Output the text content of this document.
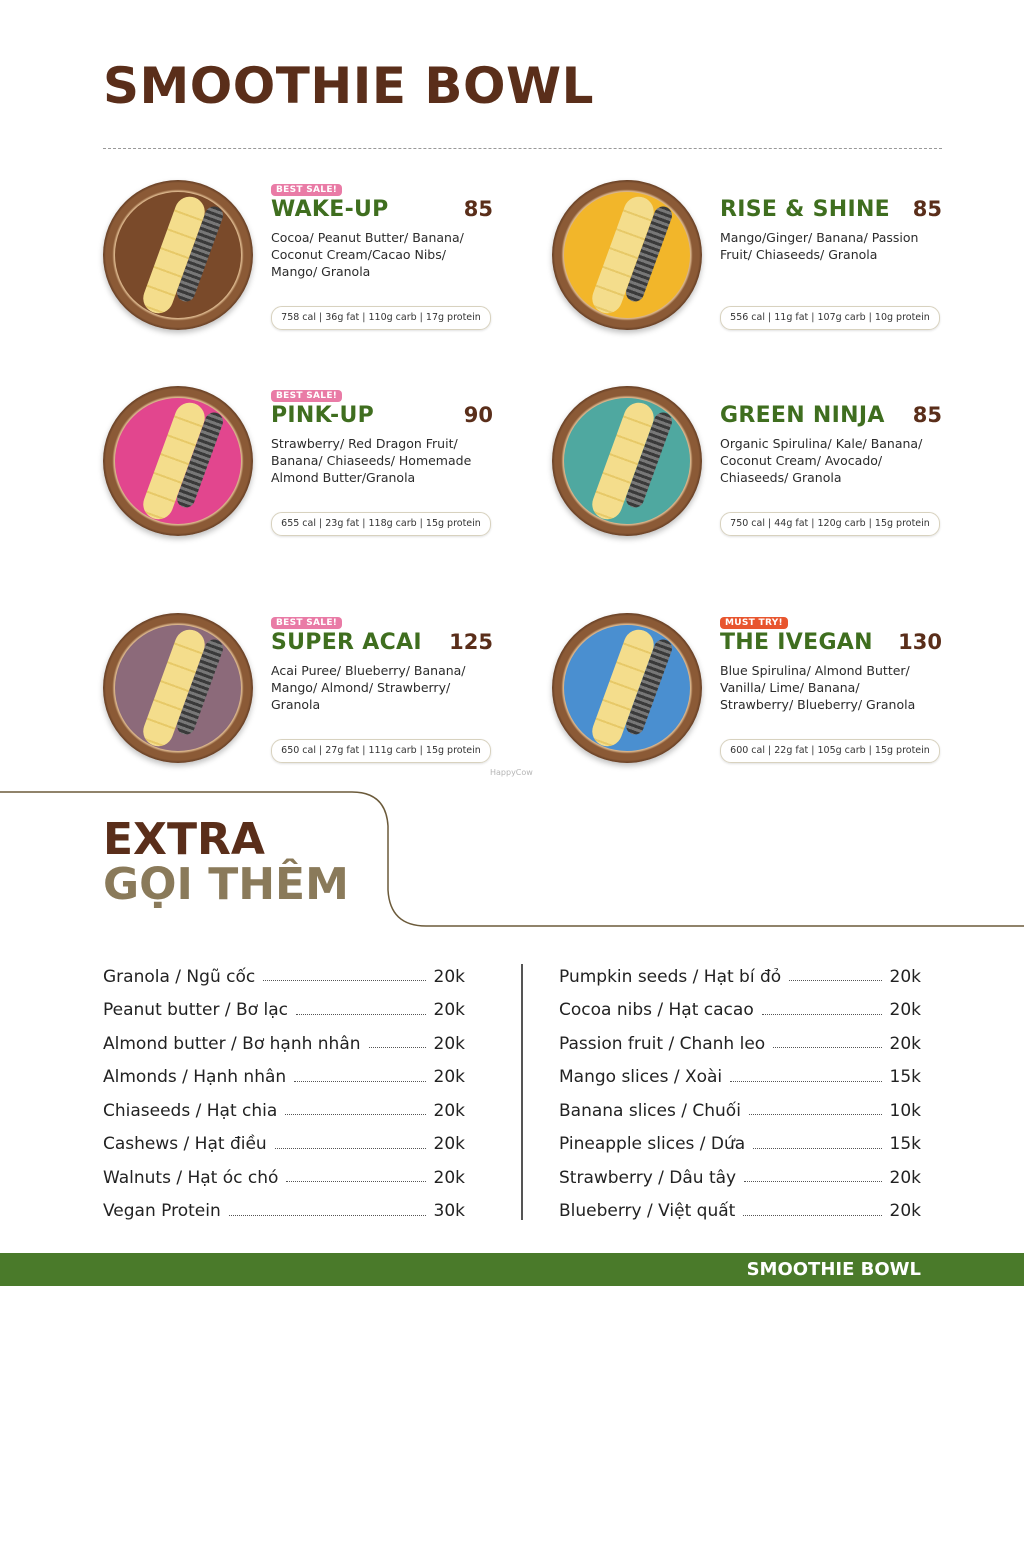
SMOOTHIE BOWL
BEST SALE!
WAKE-UP	85
Cocoa/ Peanut Butter/ Banana/ Coconut Cream/Cacao Nibs/ Mango/ Granola
758 cal | 36g fat | 110g carb | 17g protein
RISE & SHINE 85
Mango/Ginger/ Banana/ Passion Fruit/ Chiaseeds/ Granola
556 cal | 11g fat | 107g carb | 10g protein
BEST SALE!
PINK-UP	90
Strawberry/ Red Dragon Fruit/ Banana/ Chiaseeds/ Homemade Almond Butter/Granola
655 cal | 23g fat | 118g carb | 15g protein
GREEN NINJA 85
Organic Spirulina/ Kale/ Banana/ Coconut Cream/ Avocado/ Chiaseeds/ Granola
750 cal | 44g fat | 120g carb | 15g protein
BEST SALE!
SUPER ACAI 125
Acai Puree/ Blueberry/ Banana/ Mango/ Almond/ Strawberry/ Granola
650 cal | 27g fat | 111g carb | 15g protein
MUST TRY!
THE IVEGAN 130
Blue Spirulina/ Almond Butter/ Vanilla/ Lime/ Banana/ Strawberry/ Blueberry/ Granola
600 cal | 22g fat | 105g carb | 15g protein
HappyCow
EXTRA
GỌI THÊM
Granola / Ngũ cốc	20k
Peanut butter / Bơ lạc	20k
Almond butter / Bơ hạnh nhân	20k
Almonds / Hạnh nhân	20k
Chiaseeds / Hạt chia	20k
Cashews / Hạt điều	20k
Walnuts / Hạt óc chó	20k
Vegan Protein	30k
Pumpkin seeds / Hạt bí đỏ	20k
Cocoa nibs / Hạt cacao	20k
Passion fruit / Chanh leo	20k
Mango slices / Xoài	15k
Banana slices / Chuối	10k
Pineapple slices / Dứa	15k
Strawberry / Dâu tây	20k
Blueberry / Việt quất	20k
SMOOTHIE BOWL
